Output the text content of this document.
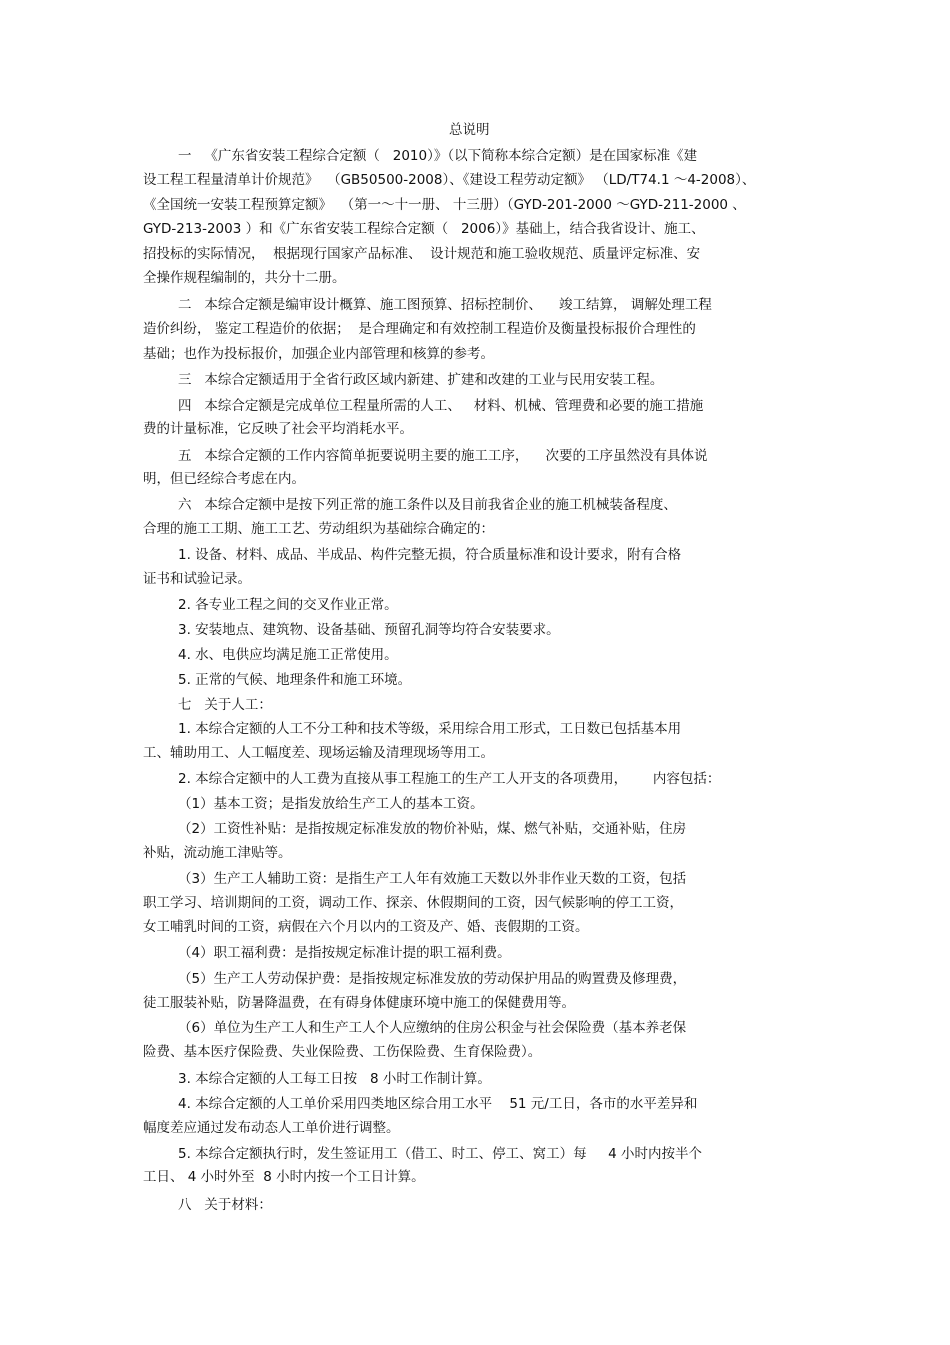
总说明
一   《广东省安装工程综合定额（   2010）》（以下简称本综合定额）是在国家标准《建
设工程工程量清单计价规范》  （GB50500-2008）、《建设工程劳动定额》 （LD/T74.1 ～4-2008）、
《全国统一安装工程预算定额》  （第一～十一册、 十三册）（GYD-201-2000 ～GYD-211-2000 、
GYD-213-2003 ）和《广东省安装工程综合定额（   2006）》基础上，结合我省设计、施工、
招投标的实际情况，  根据现行国家产品标准、  设计规范和施工验收规范、质量评定标准、安
全操作规程编制的，共分十二册。
二   本综合定额是编审设计概算、施工图预算、招标控制价、    竣工结算， 调解处理工程
造价纠纷， 鉴定工程造价的依据；  是合理确定和有效控制工程造价及衡量投标报价合理性的
基础；也作为投标报价，加强企业内部管理和核算的参考。
三   本综合定额适用于全省行政区域内新建、扩建和改建的工业与民用安装工程。
四   本综合定额是完成单位工程量所需的人工、   材料、机械、管理费和必要的施工措施
费的计量标准，它反映了社会平均消耗水平。
五   本综合定额的工作内容简单扼要说明主要的施工工序，    次要的工序虽然没有具体说
明，但已经综合考虑在内。
六   本综合定额中是按下列正常的施工条件以及目前我省企业的施工机械装备程度、
合理的施工工期、施工工艺、劳动组织为基础综合确定的：
1. 设备、材料、成品、半成品、构件完整无损，符合质量标准和设计要求，附有合格
证书和试验记录。
2. 各专业工程之间的交叉作业正常。
3. 安装地点、建筑物、设备基础、预留孔洞等均符合安装要求。
4. 水、电供应均满足施工正常使用。
5. 正常的气候、地理条件和施工环境。
七   关于人工：
1. 本综合定额的人工不分工种和技术等级，采用综合用工形式，工日数已包括基本用
工、辅助用工、人工幅度差、现场运输及清理现场等用工。
2. 本综合定额中的人工费为直接从事工程施工的生产工人开支的各项费用，      内容包括：
（1）基本工资；是指发放给生产工人的基本工资。
（2）工资性补贴：是指按规定标准发放的物价补贴，煤、燃气补贴，交通补贴，住房
补贴，流动施工津贴等。
（3）生产工人辅助工资：是指生产工人年有效施工天数以外非作业天数的工资，包括
职工学习、培训期间的工资，调动工作、探亲、休假期间的工资，因气候影响的停工工资，
女工哺乳时间的工资，病假在六个月以内的工资及产、婚、丧假期的工资。
（4）职工福利费：是指按规定标准计提的职工福利费。
（5）生产工人劳动保护费：是指按规定标准发放的劳动保护用品的购置费及修理费，
徒工服装补贴，防暑降温费，在有碍身体健康环境中施工的保健费用等。
（6）单位为生产工人和生产工人个人应缴纳的住房公积金与社会保险费（基本养老保
险费、基本医疗保险费、失业保险费、工伤保险费、生育保险费）。
3. 本综合定额的人工每工日按   8 小时工作制计算。
4. 本综合定额的人工单价采用四类地区综合用工水平    51 元/工日，各市的水平差异和
幅度差应通过发布动态人工单价进行调整。
5. 本综合定额执行时，发生签证用工（借工、时工、停工、窝工）每     4 小时内按半个
工日、 4 小时外至  8 小时内按一个工日计算。
八   关于材料：
